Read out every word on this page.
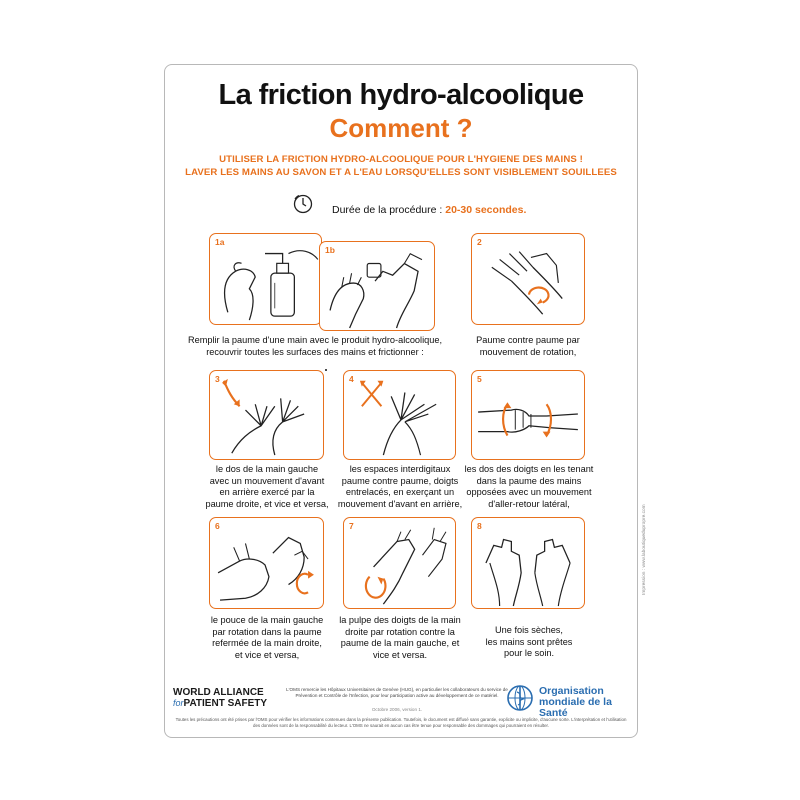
La friction hydro-alcoolique
Comment ?
UTILISER LA FRICTION HYDRO-ALCOOLIQUE POUR L'HYGIENE DES MAINS !
LAVER LES MAINS AU SAVON ET A L'EAU LORSQU'ELLES SONT VISIBLEMENT SOUILLEES
Durée de la procédure : 20-30 secondes.
1a
1b
2
Remplir la paume d'une main avec le produit hydro-alcoolique,
recouvrir toutes les surfaces des mains et frictionner :
Paume contre paume par
mouvement de rotation,
3	4	5
le dos de la main gauche
avec un mouvement d'avant
en arrière exercé par la
paume droite, et vice et versa,
les espaces interdigitaux
paume contre paume, doigts
entrelacés, en exerçant un
mouvement d'avant en arrière,
les dos des doigts en les tenant
dans la paume des mains
opposées avec un mouvement
d'aller-retour latéral,
6	7	8
le pouce de la main gauche
par rotation dans la paume
refermée de la main droite,
et vice et versa,
la pulpe des doigts de la main
droite par rotation contre la
paume de la main gauche, et
vice et versa.
Une fois sèches,
les mains sont prêtes
pour le soin.
WORLD ALLIANCE
forPATIENT SAFETY
L'OMS remercie les Hôpitaux Universitaires de Genève (HUG), en particulier les collaborateurs du service de Prévention et Contrôle de l'Infection, pour leur participation active au développement de ce matériel.
Octobre 2006, version 1.
Organisation
mondiale de la Santé
Toutes les précautions ont été prises par l'OMS pour vérifier les informations contenues dans la présente publication. Toutefois, le document est diffusé sans garantie, explicite ou implicite, d'aucune sorte. L'interprétation et l'utilisation des données sont de la responsabilité du lecteur. L'OMS ne saurait en aucun cas être tenue pour responsable des dommages qui pourraient en résulter.
Impression : www.laboutiquedupropre.com
